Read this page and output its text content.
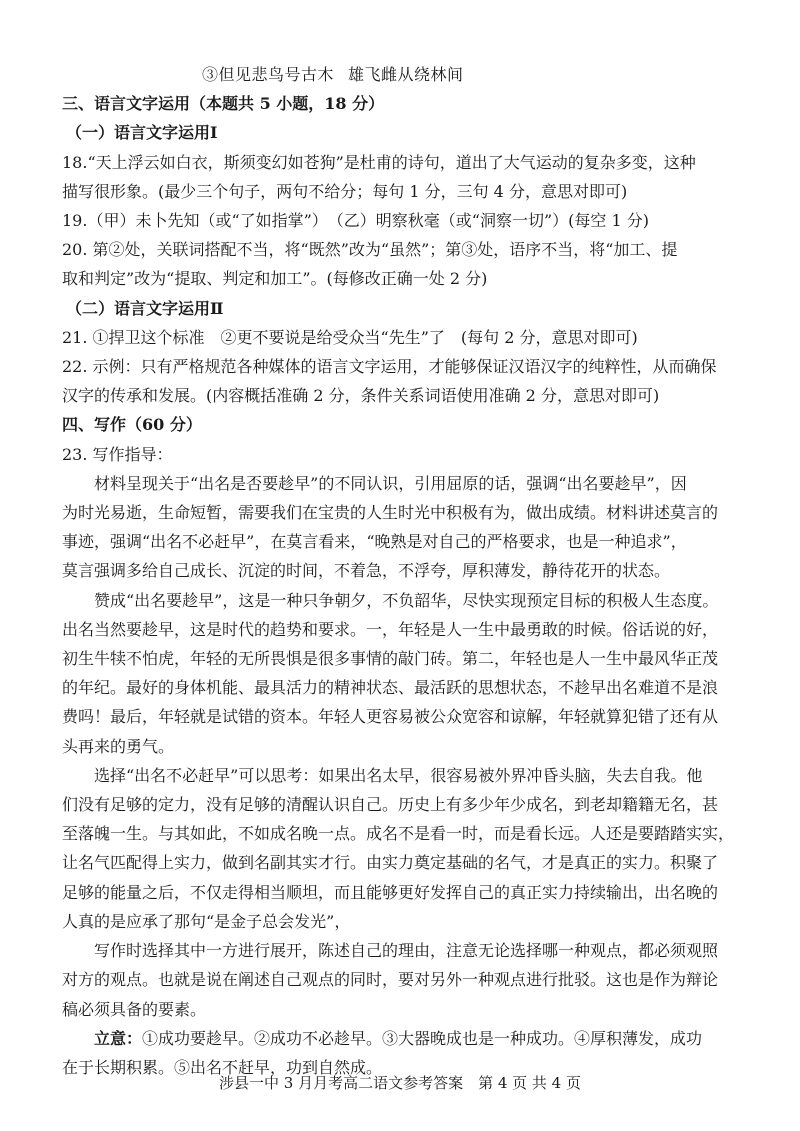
③但见悲鸟号古木 雄飞雌从绕林间

三、语言文字运用（本题共 5 小题，18 分）

（一）语言文字运用Ⅰ

18.“天上浮云如白衣，斯须变幻如苍狗”是杜甫的诗句，道出了大气运动的复杂多变，这种

描写很形象。(最少三个句子，两句不给分；每句 1 分，三句 4 分，意思对即可)

19.（甲）未卜先知（或“了如指掌”）　（乙）明察秋毫（或“洞察一切”）(每空 1 分)

20. 第②处，关联词搭配不当，将“既然”改为“虽然”；第③处，语序不当，将“加工、提

取和判定”改为“提取、判定和加工”。(每修改正确一处 2 分)

（二）语言文字运用Ⅱ

21. ①捍卫这个标准　②更不要说是给受众当“先生”了　(每句 2 分，意思对即可)

22. 示例：只有严格规范各种媒体的语言文字运用，才能够保证汉语汉字的纯粹性，从而确保

汉字的传承和发展。(内容概括准确 2 分，条件关系词语使用准确 2 分，意思对即可)

四、写作（60 分）

23. 写作指导：

材料呈现关于“出名是否要趁早”的不同认识，引用屈原的话，强调“出名要趁早”，因

为时光易逝，生命短暂，需要我们在宝贵的人生时光中积极有为，做出成绩。材料讲述莫言的

事迹，强调“出名不必赶早”，在莫言看来，“晚熟是对自己的严格要求，也是一种追求”，

莫言强调多给自己成长、沉淀的时间，不着急，不浮夸，厚积薄发，静待花开的状态。

赞成“出名要趁早”，这是一种只争朝夕，不负韶华，尽快实现预定目标的积极人生态度。

出名当然要趁早，这是时代的趋势和要求。一，年轻是人一生中最勇敢的时候。俗话说的好，

初生牛犊不怕虎，年轻的无所畏惧是很多事情的敲门砖。第二，年轻也是人一生中最风华正茂

的年纪。最好的身体机能、最具活力的精神状态、最活跃的思想状态，不趁早出名难道不是浪

费吗！最后，年轻就是试错的资本。年轻人更容易被公众宽容和谅解，年轻就算犯错了还有从

头再来的勇气。

选择“出名不必赶早”可以思考：如果出名太早，很容易被外界冲昏头脑，失去自我。他

们没有足够的定力，没有足够的清醒认识自己。历史上有多少年少成名，到老却籍籍无名，甚

至落魄一生。与其如此，不如成名晚一点。成名不是看一时，而是看长远。人还是要踏踏实实，

让名气匹配得上实力，做到名副其实才行。由实力奠定基础的名气，才是真正的实力。积聚了

足够的能量之后，不仅走得相当顺坦，而且能够更好发挥自己的真正实力持续输出，出名晚的

人真的是应承了那句“是金子总会发光”，

写作时选择其中一方进行展开，陈述自己的理由，注意无论选择哪一种观点，都必须观照

对方的观点。也就是说在阐述自己观点的同时，要对另外一种观点进行批驳。这也是作为辩论

稿必须具备的要素。

立意：①成功要趁早。②成功不必趁早。③大器晚成也是一种成功。④厚积薄发，成功

在于长期积累。⑤出名不赶早，功到自然成。

涉县一中 3 月月考高二语文参考答案　第 4 页 共 4 页
